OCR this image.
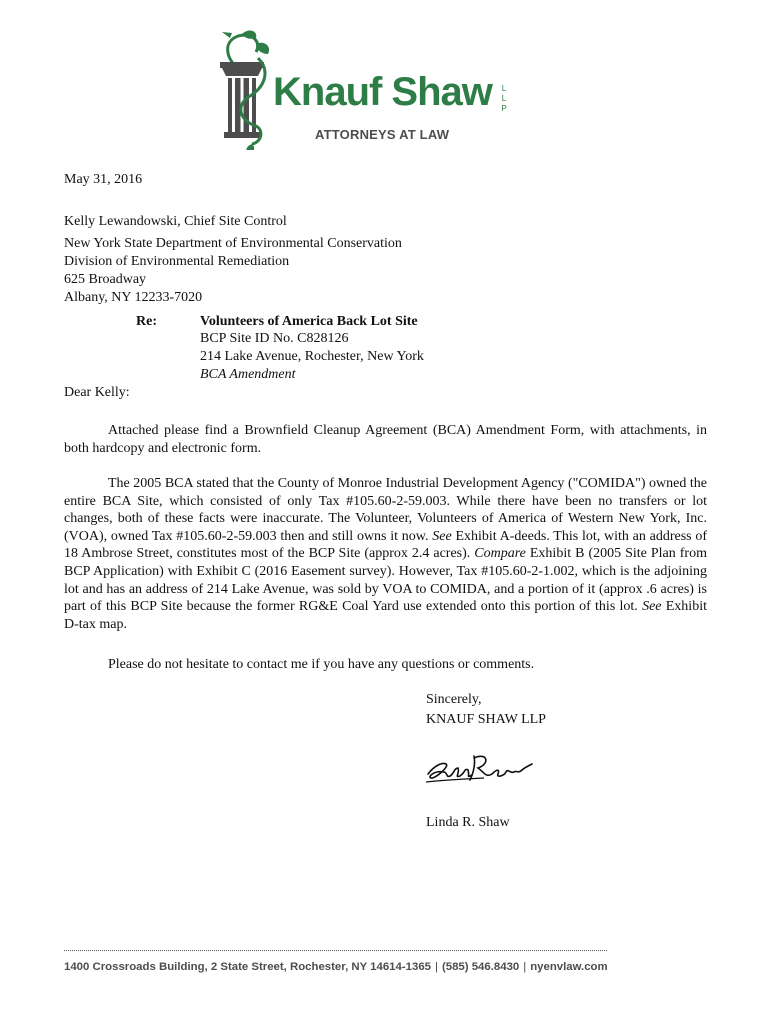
Knauf Shaw LLP
ATTORNEYS AT LAW
May 31, 2016
Kelly Lewandowski, Chief Site Control
New York State Department of Environmental Conservation
Division of Environmental Remediation
625 Broadway
Albany, NY 12233-7020
Re:	Volunteers of America Back Lot Site
BCP Site ID No. C828126
214 Lake Avenue, Rochester, New York
BCA Amendment
Dear Kelly:
Attached please find a Brownfield Cleanup Agreement (BCA) Amendment Form, with attachments, in both hardcopy and electronic form.
The 2005 BCA stated that the County of Monroe Industrial Development Agency ("COMIDA") owned the entire BCA Site, which consisted of only Tax #105.60-2-59.003. While there have been no transfers or lot changes, both of these facts were inaccurate. The Volunteer, Volunteers of America of Western New York, Inc. (VOA), owned Tax #105.60-2-59.003 then and still owns it now. See Exhibit A-deeds. This lot, with an address of 18 Ambrose Street, constitutes most of the BCP Site (approx 2.4 acres). Compare Exhibit B (2005 Site Plan from BCP Application) with Exhibit C (2016 Easement survey). However, Tax #105.60-2-1.002, which is the adjoining lot and has an address of 214 Lake Avenue, was sold by VOA to COMIDA, and a portion of it (approx .6 acres) is part of this BCP Site because the former RG&E Coal Yard use extended onto this portion of this lot. See Exhibit D-tax map.
Please do not hesitate to contact me if you have any questions or comments.
Sincerely,
KNAUF SHAW LLP
Linda R. Shaw
1400 Crossroads Building, 2 State Street, Rochester, NY 14614-1365 | (585) 546.8430 | nyenvlaw.com
